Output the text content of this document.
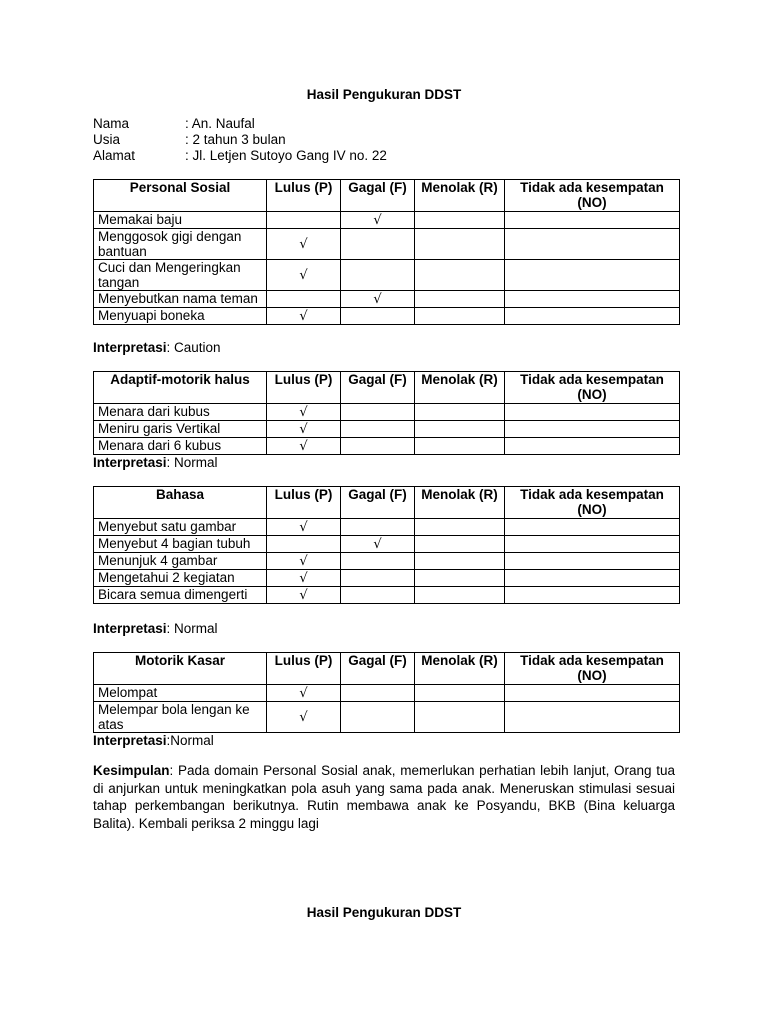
Hasil Pengukuran DDST
Nama	: An. Naufal
Usia	: 2 tahun 3 bulan
Alamat	: Jl. Letjen Sutoyo Gang IV no. 22
Personal Sosial	Lulus (P)	Gagal (F)	Menolak (R)	Tidak ada kesempatan (NO)
Memakai baju		√		
Menggosok gigi dengan bantuan	√			
Cuci dan Mengeringkan tangan	√			
Menyebutkan nama teman		√		
Menyuapi boneka	√			
Interpretasi: Caution
Adaptif-motorik halus	Lulus (P)	Gagal (F)	Menolak (R)	Tidak ada kesempatan (NO)
Menara dari kubus	√			
Meniru garis Vertikal	√			
Menara dari 6 kubus	√			
Interpretasi: Normal
Bahasa	Lulus (P)	Gagal (F)	Menolak (R)	Tidak ada kesempatan (NO)
Menyebut satu gambar	√			
Menyebut 4 bagian tubuh		√		
Menunjuk 4 gambar	√			
Mengetahui 2 kegiatan	√			
Bicara semua dimengerti	√			
Interpretasi: Normal
Motorik Kasar	Lulus (P)	Gagal (F)	Menolak (R)	Tidak ada kesempatan (NO)
Melompat	√			
Melempar bola lengan ke atas	√			
Interpretasi:Normal
Kesimpulan: Pada domain Personal Sosial anak, memerlukan perhatian lebih lanjut, Orang tua di anjurkan untuk meningkatkan pola asuh yang sama pada anak. Meneruskan stimulasi sesuai tahap perkembangan berikutnya. Rutin membawa anak ke Posyandu, BKB (Bina keluarga Balita). Kembali periksa 2 minggu lagi
Hasil Pengukuran DDST
